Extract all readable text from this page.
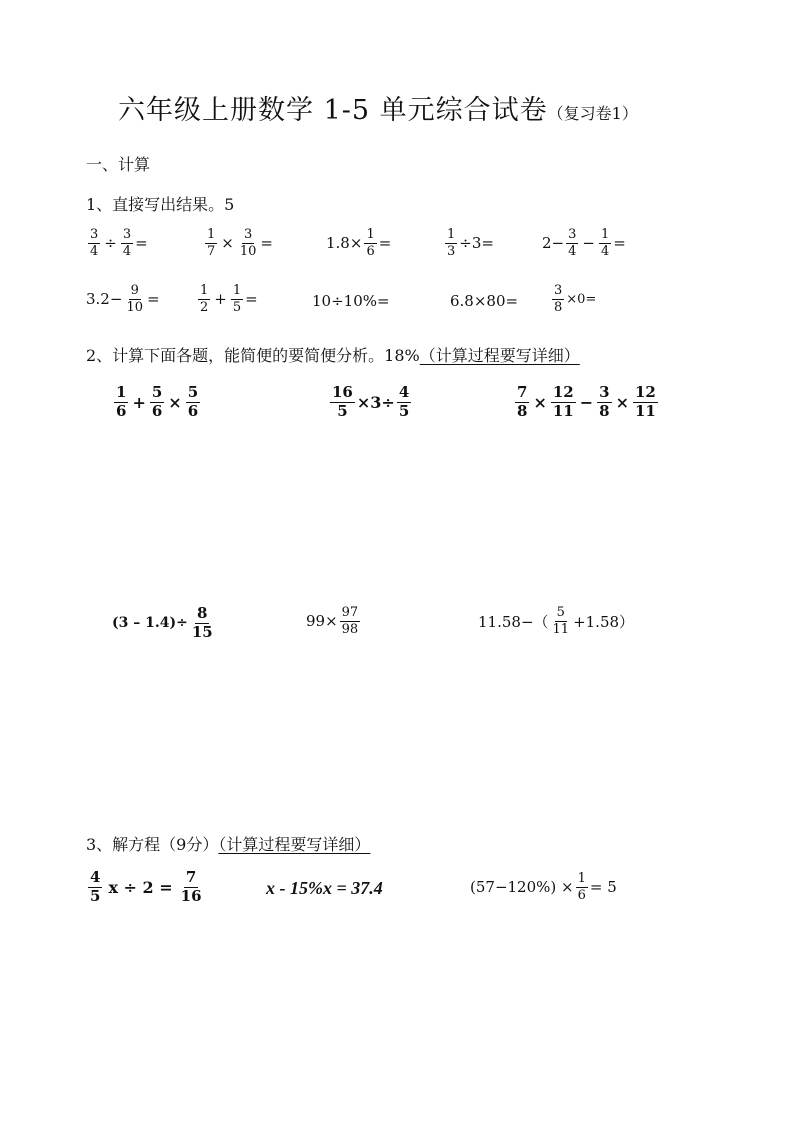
六年级上册数学 1-5 单元综合试卷（复习卷1）
一、计算
1、直接写出结果。5
$\frac{3}{4} \div \frac{3}{4}$ =	$\frac{1}{7} \times \frac{3}{10}$ =	$1.8\times \frac{1}{6}$ =	$\frac{1}{3} \div 3=$	$2- \frac{3}{4} - \frac{1}{4}$ =
$3.2- \frac{9}{10}$ =	$\frac{1}{2} + \frac{1}{5}$ =	10÷10%=	6.8×80=	$\frac{3}{8} \times 0=$
2、计算下面各题，能简便的要简便分析。18%（计算过程要写详细）
$\frac{1}{6} + \frac{5}{6} \times \frac{5}{6}$	$\frac{16}{5} \times 3\div \frac{4}{5}$	$\frac{7}{8} \times \frac{12}{11} - \frac{3}{8} \times \frac{12}{11}$
$(3 - 1.4)\div \frac{8}{15}$	$99\times \frac{97}{98}$	$11.58-( \frac{5}{11} +1.58)$
3、解方程（9分）（计算过程要写详细）
$\frac{4}{5}$ $x \div 2 = \frac{7}{16}$	x - 15%x = 37.4	$(57-120\%) \times \frac{1}{6} = 5$
